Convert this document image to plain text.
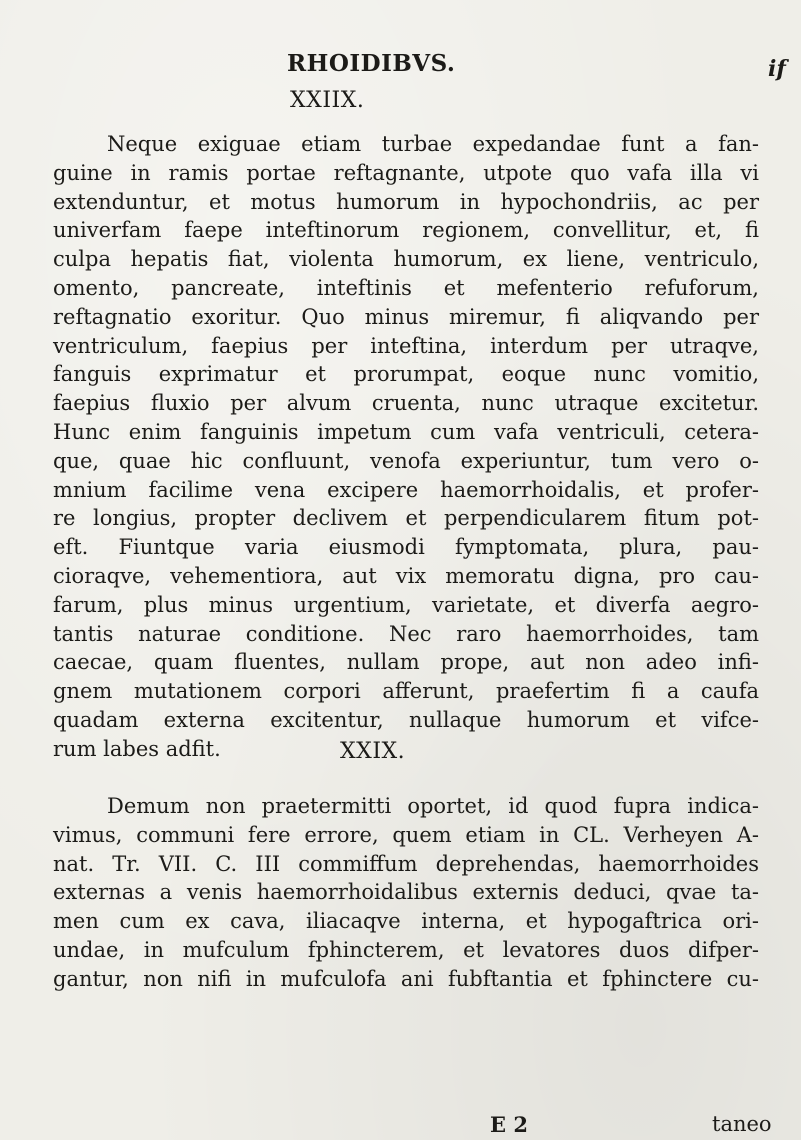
RHOIDIBVS.	if
XXIIX.
Neque exiguae etiam turbae expedandae funt a fan-
guine in ramis portae reftagnante, utpote quo vafa illa vi
extenduntur, et motus humorum in hypochondriis, ac per
univerfam faepe inteftinorum regionem, convellitur, et, fi
culpa hepatis fiat, violenta humorum, ex liene, ventriculo,
omento, pancreate, inteftinis et mefenterio refuforum,
reftagnatio exoritur. Quo minus miremur, fi aliqvando per
ventriculum, faepius per inteftina, interdum per utraqve,
fanguis exprimatur et prorumpat, eoque nunc vomitio,
faepius fluxio per alvum cruenta, nunc utraque excitetur.
Hunc enim fanguinis impetum cum vafa ventriculi, cetera-
que, quae hic confluunt, venofa experiuntur, tum vero o-
mnium facilime vena excipere haemorrhoidalis, et profer-
re longius, propter declivem et perpendicularem fitum pot-
eft. Fiuntque varia eiusmodi fymptomata, plura, pau-
cioraqve, vehementiora, aut vix memoratu digna, pro cau-
farum, plus minus urgentium, varietate, et diverfa aegro-
tantis naturae conditione. Nec raro haemorrhoides, tam
caecae, quam fluentes, nullam prope, aut non adeo infi-
gnem mutationem corpori afferunt, praefertim fi a caufa
quadam externa excitentur, nullaque humorum et vifce-
rum labes adfit.	XXIX.
Demum non praetermitti oportet, id quod fupra indica-
vimus, communi fere errore, quem etiam in CL. Verheyen A-
nat. Tr. VII. C. III commiffum deprehendas, haemorrhoides
externas a venis haemorrhoidalibus externis deduci, qvae ta-
men cum ex cava, iliacaqve interna, et hypogaftrica ori-
undae, in mufculum fphincterem, et levatores duos difper-
gantur, non nifi in mufculofa ani fubftantia et fphinctere cu-
E 2	taneo
